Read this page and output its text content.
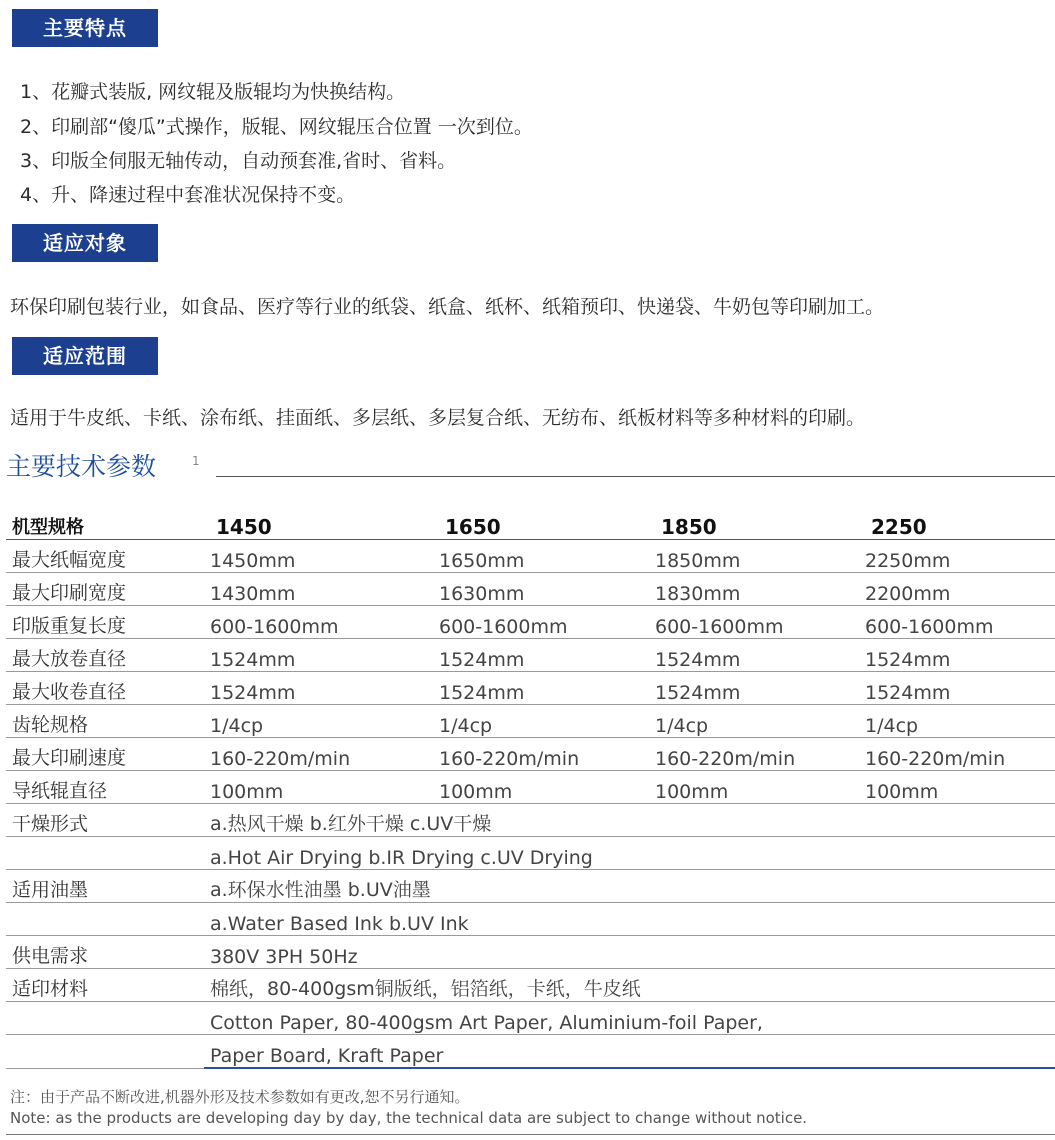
主要特点
1、花瓣式装版, 网纹辊及版辊均为快换结构。
2、印刷部“傻瓜”式操作，版辊、网纹辊压合位置 一次到位。
3、印版全伺服无轴传动，自动预套准,省时、省料。
4、升、降速过程中套准状况保持不变。
适应对象
环保印刷包装行业，如食品、医疗等行业的纸袋、纸盒、纸杯、纸箱预印、快递袋、牛奶包等印刷加工。
适应范围
适用于牛皮纸、卡纸、涂布纸、挂面纸、多层纸、多层复合纸、无纺布、纸板材料等多种材料的印刷。
主要技术参数	1
机型规格	1450	1650	1850	2250
最大纸幅宽度	1450mm	1650mm	1850mm	2250mm
最大印刷宽度	1430mm	1630mm	1830mm	2200mm
印版重复长度	600-1600mm	600-1600mm	600-1600mm	600-1600mm
最大放卷直径	1524mm	1524mm	1524mm	1524mm
最大收卷直径	1524mm	1524mm	1524mm	1524mm
齿轮规格	1/4cp	1/4cp	1/4cp	1/4cp
最大印刷速度	160-220m/min	160-220m/min	160-220m/min	160-220m/min
导纸辊直径	100mm	100mm	100mm	100mm
干燥形式	a.热风干燥 b.红外干燥 c.UV干燥			
	a.Hot Air Drying b.IR Drying c.UV Drying			
适用油墨	a.环保水性油墨 b.UV油墨			
	a.Water Based Ink b.UV Ink			
供电需求	380V 3PH 50Hz			
适印材料	棉纸，80-400gsm铜版纸，铝箔纸，卡纸，牛皮纸			
	Cotton Paper, 80-400gsm Art Paper, Aluminium-foil Paper,			
	Paper Board, Kraft Paper			
注：由于产品不断改进,机器外形及技术参数如有更改,恕不另行通知。
Note: as the products are developing day by day, the technical data are subject to change without notice.
